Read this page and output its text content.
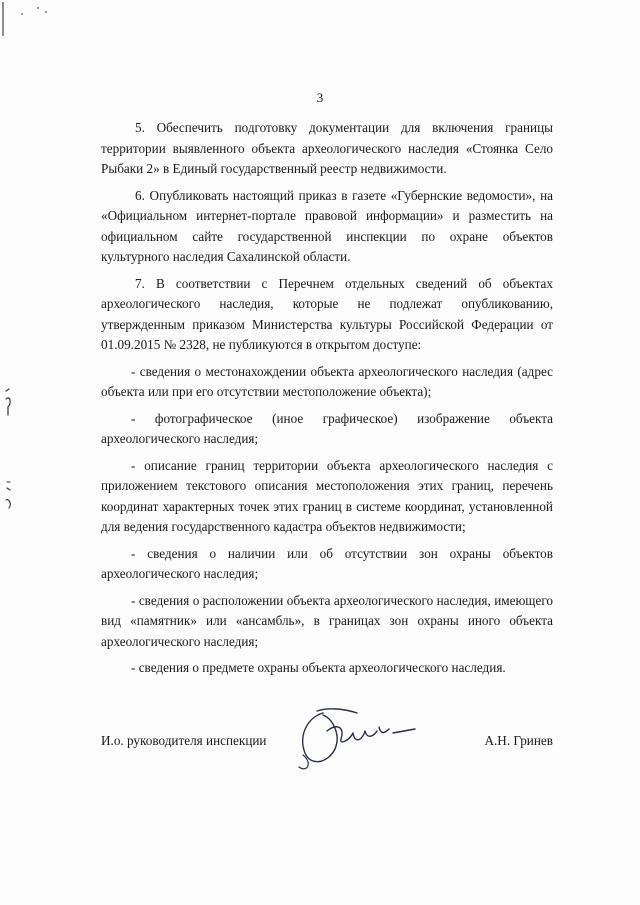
3

5. Обеспечить подготовку документации для включения границы территории выявленного объекта археологического наследия «Стоянка Село Рыбаки 2» в Единый государственный реестр недвижимости.

6. Опубликовать настоящий приказ в газете «Губернские ведомости», на «Официальном интернет-портале правовой информации» и разместить на официальном сайте государственной инспекции по охране объектов культурного наследия Сахалинской области.

7. В соответствии с Перечнем отдельных сведений об объектах археологического наследия, которые не подлежат опубликованию, утвержденным приказом Министерства культуры Российской Федерации от 01.09.2015 № 2328, не публикуются в открытом доступе:

- сведения о местонахождении объекта археологического наследия (адрес объекта или при его отсутствии местоположение объекта);

- фотографическое (иное графическое) изображение объекта археологического наследия;

- описание границ территории объекта археологического наследия с приложением текстового описания местоположения этих границ, перечень координат характерных точек этих границ в системе координат, установленной для ведения государственного кадастра объектов недвижимости;

- сведения о наличии или об отсутствии зон охраны объектов археологического наследия;

- сведения о расположении объекта археологического наследия, имеющего вид «памятник» или «ансамбль», в границах зон охраны иного объекта археологического наследия;

- сведения о предмете охраны объекта археологического наследия.

И.о. руководителя инспекции	А.Н. Гринев
